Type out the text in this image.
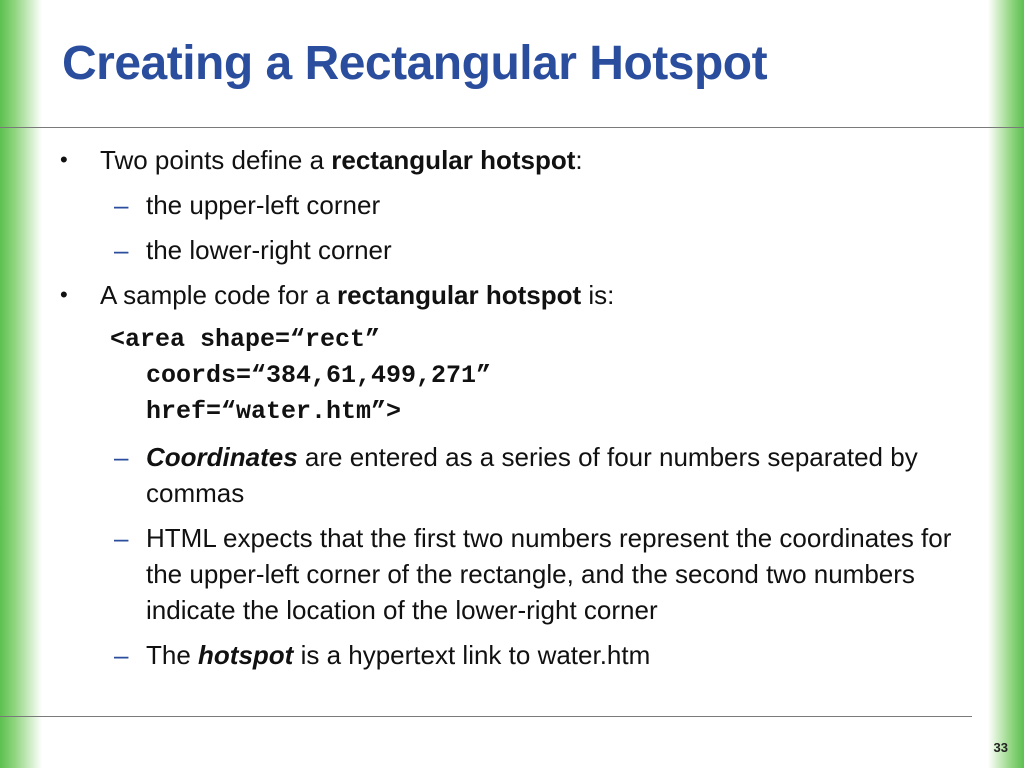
Creating a Rectangular Hotspot
• Two points define a rectangular hotspot:
– the upper-left corner
– the lower-right corner
• A sample code for a rectangular hotspot is:
<area shape=“rect”
coords=“384,61,499,271”
href=“water.htm”>
– Coordinates are entered as a series of four numbers separated by commas
– HTML expects that the first two numbers represent the coordinates for the upper-left corner of the rectangle, and the second two numbers indicate the location of the lower-right corner
– The hotspot is a hypertext link to water.htm
33
